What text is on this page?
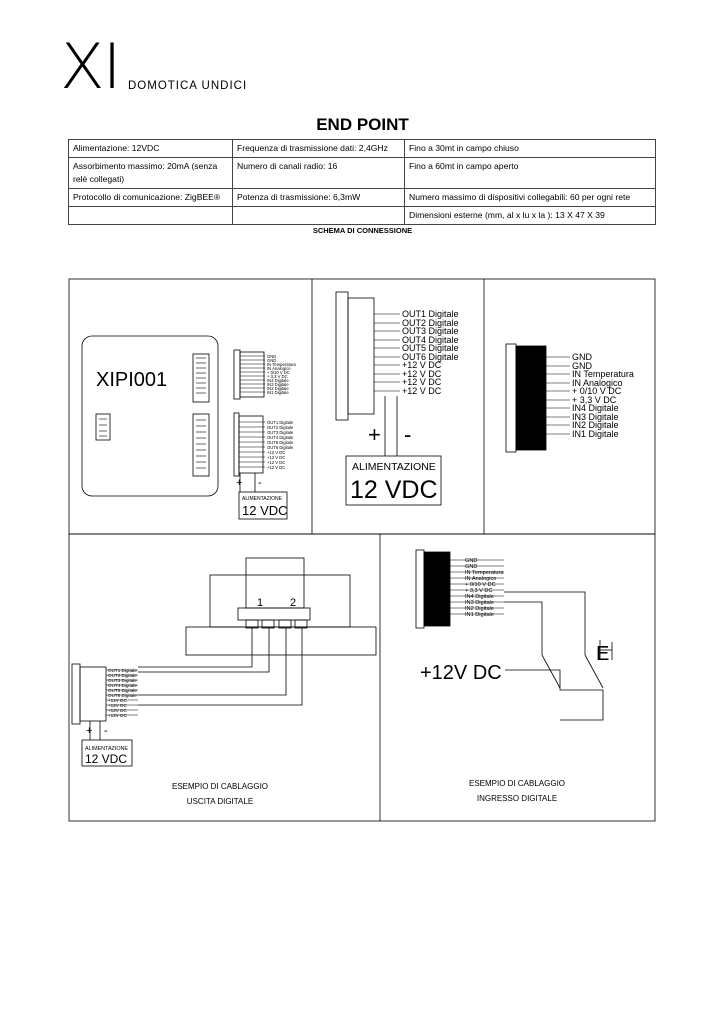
XI DOMOTICA UNDICI
END POINT
Alimentazione: 12VDC	Frequenza di trasmissione dati: 2,4GHz	Fino a 30mt in campo chiuso
Assorbimento massimo: 20mA (senza relè collegati)	Numero di canali radio: 16	Fino a 60mt in campo aperto
Protocollo di comunicazione: ZigBEE®	Potenza di trasmissione: 6,3mW	Numero massimo di dispositivi collegabili: 60 per ogni rete
		Dimensioni esterne (mm, al x lu x la ): 13 X 47 X 39
SCHEMA DI CONNESSIONE
XIPI001
GND
GND
IN Temperatura
IN Analogico
+ 0/10 V DC
+ 3,3 V DC
IN4 Digitale
IN3 Digitale
IN2 Digitale
IN1 Digitale
OUT1 Digitale
OUT2 Digitale
OUT3 Digitale
OUT4 Digitale
OUT5 Digitale
OUT6 Digitale
+12 V DC
+12 V DC
+12 V DC
+12 V DC
+ -
ALIMENTAZIONE
12 VDC
OUT1 Digitale
OUT2 Digitale
OUT3 Digitale
OUT4 Digitale
OUT5 Digitale
OUT6 Digitale
+12 V DC
+12 V DC
+12 V DC
+12 V DC
+ -
ALIMENTAZIONE
12 VDC
GND
GND
IN Temperatura
IN Analogico
+ 0/10 V DC
+ 3,3 V DC
IN4 Digitale
IN3 Digitale
IN2 Digitale
IN1 Digitale
1 2
OUT1 Digitale
OUT2 Digitale
OUT3 Digitale
OUT4 Digitale
OUT5 Digitale
OUT6 Digitale
+12V DC
+12V DC
+12V DC
+12V DC
+ -
ALIMENTAZIONE
12 VDC
GND
GND
IN Temperatura
IN Analogico
+ 0/10 V DC
+ 3,3 V DC
IN4 Digitale
IN3 Digitale
IN2 Digitale
IN1 Digitale
+12V DC
E
ESEMPIO DI CABLAGGIO
USCITA DIGITALE
ESEMPIO DI CABLAGGIO
INGRESSO DIGITALE
